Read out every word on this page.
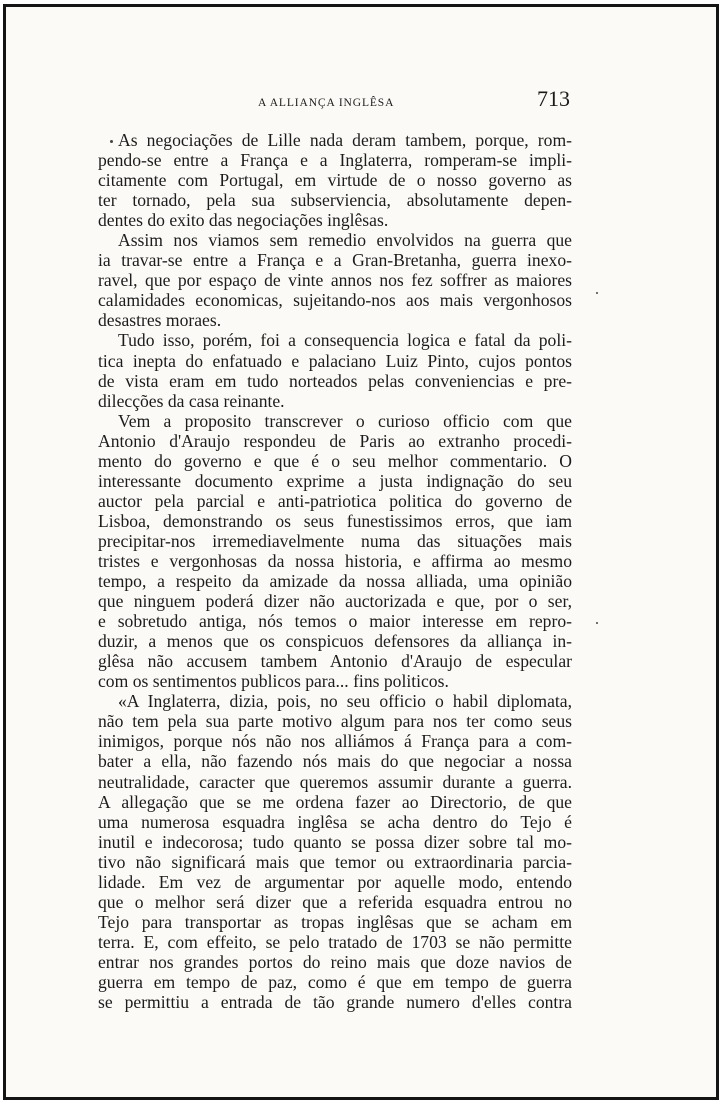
A ALLIANÇA INGLÊSA	713
As negociações de Lille nada deram tambem, porque, rom-
pendo-se entre a França e a Inglaterra, romperam-se impli-
citamente com Portugal, em virtude de o nosso governo as
ter tornado, pela sua subserviencia, absolutamente depen-
dentes do exito das negociações inglêsas.
Assim nos viamos sem remedio envolvidos na guerra que
ia travar-se entre a França e a Gran-Bretanha, guerra inexo-
ravel, que por espaço de vinte annos nos fez soffrer as maiores
calamidades economicas, sujeitando-nos aos mais vergonhosos
desastres moraes.
Tudo isso, porém, foi a consequencia logica e fatal da poli-
tica inepta do enfatuado e palaciano Luiz Pinto, cujos pontos
de vista eram em tudo norteados pelas conveniencias e pre-
dilecções da casa reinante.
Vem a proposito transcrever o curioso officio com que
Antonio d'Araujo respondeu de Paris ao extranho procedi-
mento do governo e que é o seu melhor commentario. O
interessante documento exprime a justa indignação do seu
auctor pela parcial e anti-patriotica politica do governo de
Lisboa, demonstrando os seus funestissimos erros, que iam
precipitar-nos irremediavelmente numa das situações mais
tristes e vergonhosas da nossa historia, e affirma ao mesmo
tempo, a respeito da amizade da nossa alliada, uma opinião
que ninguem poderá dizer não auctorizada e que, por o ser,
e sobretudo antiga, nós temos o maior interesse em repro-
duzir, a menos que os conspicuos defensores da alliança in-
glêsa não accusem tambem Antonio d'Araujo de especular
com os sentimentos publicos para... fins politicos.
«A Inglaterra, dizia, pois, no seu officio o habil diplomata,
não tem pela sua parte motivo algum para nos ter como seus
inimigos, porque nós não nos alliámos á França para a com-
bater a ella, não fazendo nós mais do que negociar a nossa
neutralidade, caracter que queremos assumir durante a guerra.
A allegação que se me ordena fazer ao Directorio, de que
uma numerosa esquadra inglêsa se acha dentro do Tejo é
inutil e indecorosa; tudo quanto se possa dizer sobre tal mo-
tivo não significará mais que temor ou extraordinaria parcia-
lidade. Em vez de argumentar por aquelle modo, entendo
que o melhor será dizer que a referida esquadra entrou no
Tejo para transportar as tropas inglêsas que se acham em
terra. E, com effeito, se pelo tratado de 1703 se não permitte
entrar nos grandes portos do reino mais que doze navios de
guerra em tempo de paz, como é que em tempo de guerra
se permittiu a entrada de tão grande numero d'elles contra
